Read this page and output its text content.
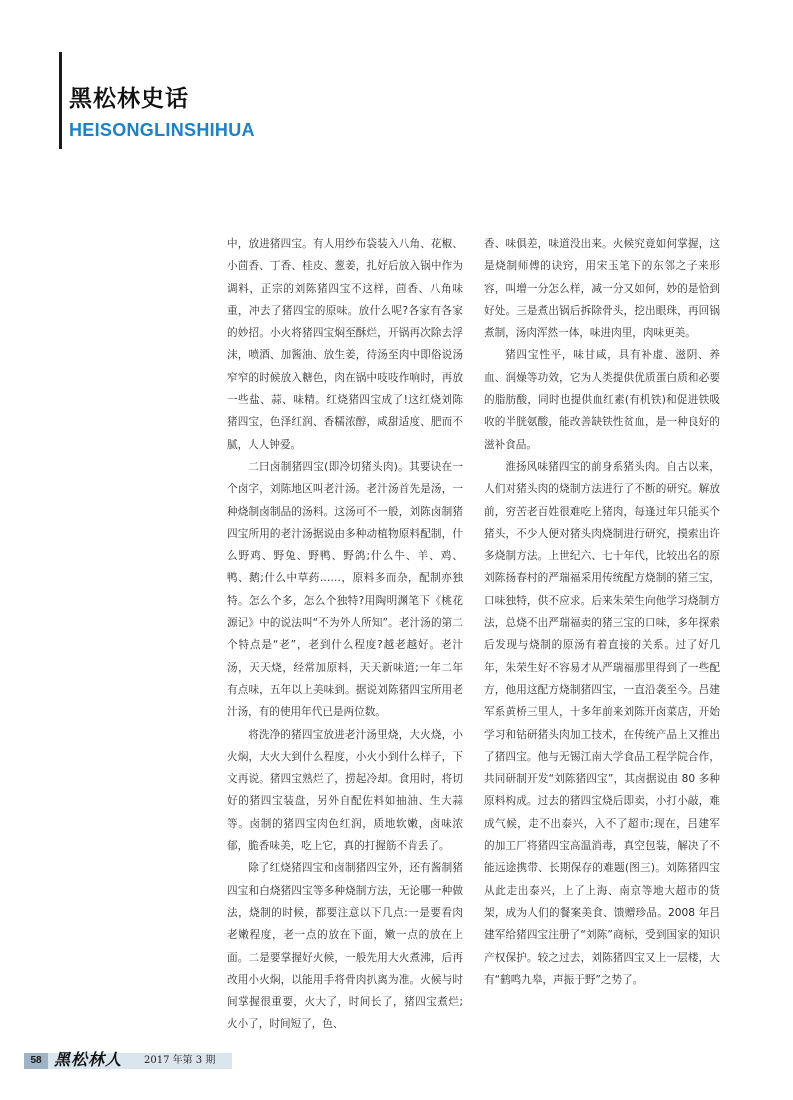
黑松林史话
HEISONGLINSHIHUA

中，放进猪四宝。有人用纱布袋装入八角、花椒、小茴香、丁香、桂皮、葱姜，扎好后放入锅中作为调料，正宗的刘陈猪四宝不这样，茴香、八角味重，冲去了猪四宝的原味。放什么呢?各家有各家的妙招。小火将猪四宝焖至酥烂，开锅再次除去浮沫，喷酒、加酱油、放生姜，待汤至肉中即俗说汤窄窄的时候放入糖色，肉在锅中吱吱作响时，再放一些盐、蒜、味精。红烧猪四宝成了!这红烧刘陈猪四宝，色泽红润、香糯浓醇，咸甜适度、肥而不腻，人人钟爱。

二曰卤制猪四宝(即冷切猪头肉)。其要诀在一个卤字，刘陈地区叫老汁汤。老汁汤首先是汤，一种烧制卤制品的汤料。这汤可不一般，刘陈卤制猪四宝所用的老汁汤据说由多种动植物原料配制，什么野鸡、野兔、野鸭、野鸽;什么牛、羊、鸡、鸭、鹅;什么中草药……，原料多而杂，配制亦独特。怎么个多，怎么个独特?用陶明渊笔下《桃花源记》中的说法叫“不为外人所知”。老汁汤的第二个特点是“老”，老到什么程度?越老越好。老汁汤，天天烧，经常加原料，天天新味道;一年二年有点味，五年以上美味到。据说刘陈猪四宝所用老汁汤，有的使用年代已是两位数。

将洗净的猪四宝放进老汁汤里烧，大火烧，小火焖，大火大到什么程度，小火小到什么样子，下文再说。猪四宝熟烂了，捞起冷却。食用时，将切好的猪四宝装盘，另外自配佐料如抽油、生大蒜等。卤制的猪四宝肉色红润，质地软嫩，卤味浓郁，脆香味美，吃上它，真的打握筋不肯丢了。

除了红烧猪四宝和卤制猪四宝外，还有酱制猪四宝和白烧猪四宝等多种烧制方法，无论哪一种做法，烧制的时候，都要注意以下几点:一是要看肉老嫩程度，老一点的放在下面，嫩一点的放在上面。二是要掌握好火候，一般先用大火煮沸，后再改用小火焖，以能用手将骨肉扒离为准。火候与时间掌握很重要，火大了，时间长了，猪四宝煮烂;火小了，时间短了，色、

香、味俱差，味道没出来。火候究竟如何掌握，这是烧制师傅的诀窍，用宋玉笔下的东邻之子来形容，叫增一分怎么样，减一分又如何，妙的是恰到好处。三是煮出锅后拆除骨头，挖出眼珠，再回锅煮制，汤肉浑然一体，味进肉里，肉味更美。

猪四宝性平，味甘咸，具有补虚、滋阴、养血、润燥等功效，它为人类提供优质蛋白质和必要的脂肪酸，同时也提供血红素(有机铁)和促进铁吸收的半胱氨酸，能改善缺铁性贫血，是一种良好的滋补食品。

淮扬风味猪四宝的前身系猪头肉。自古以来，人们对猪头肉的烧制方法进行了不断的研究。解放前，穷苦老百姓很难吃上猪肉，每逢过年只能买个猪头，不少人便对猪头肉烧制进行研究，摸索出许多烧制方法。上世纪六、七十年代，比较出名的原刘陈扬春村的严瑞福采用传统配方烧制的猪三宝，口味独特，供不应求。后来朱荣生向他学习烧制方法，总烧不出严瑞福卖的猪三宝的口味，多年探索后发现与烧制的原汤有着直接的关系。过了好几年，朱荣生好不容易才从严瑞福那里得到了一些配方，他用这配方烧制猪四宝，一直沿袭至今。吕建军系黄桥三里人，十多年前来刘陈开卤菜店，开始学习和钻研猪头肉加工技术，在传统产品上又推出了猪四宝。他与无锡江南大学食品工程学院合作，共同研制开发“刘陈猪四宝”，其卤据说由 80 多种原料构成。过去的猪四宝烧后即卖，小打小敲，难成气候，走不出泰兴，入不了超市;现在，吕建军的加工厂将猪四宝高温消毒，真空包装，解决了不能远途携带、长期保存的难题(图三)。刘陈猪四宝从此走出泰兴，上了上海、南京等地大超市的货架，成为人们的餐案美食、馈赠珍品。2008 年吕建军给猪四宝注册了“刘陈”商标，受到国家的知识产权保护。较之过去，刘陈猪四宝又上一层楼，大有“鹤鸣九皋，声振于野”之势了。

58 黑松林人 2017 年第 3 期
